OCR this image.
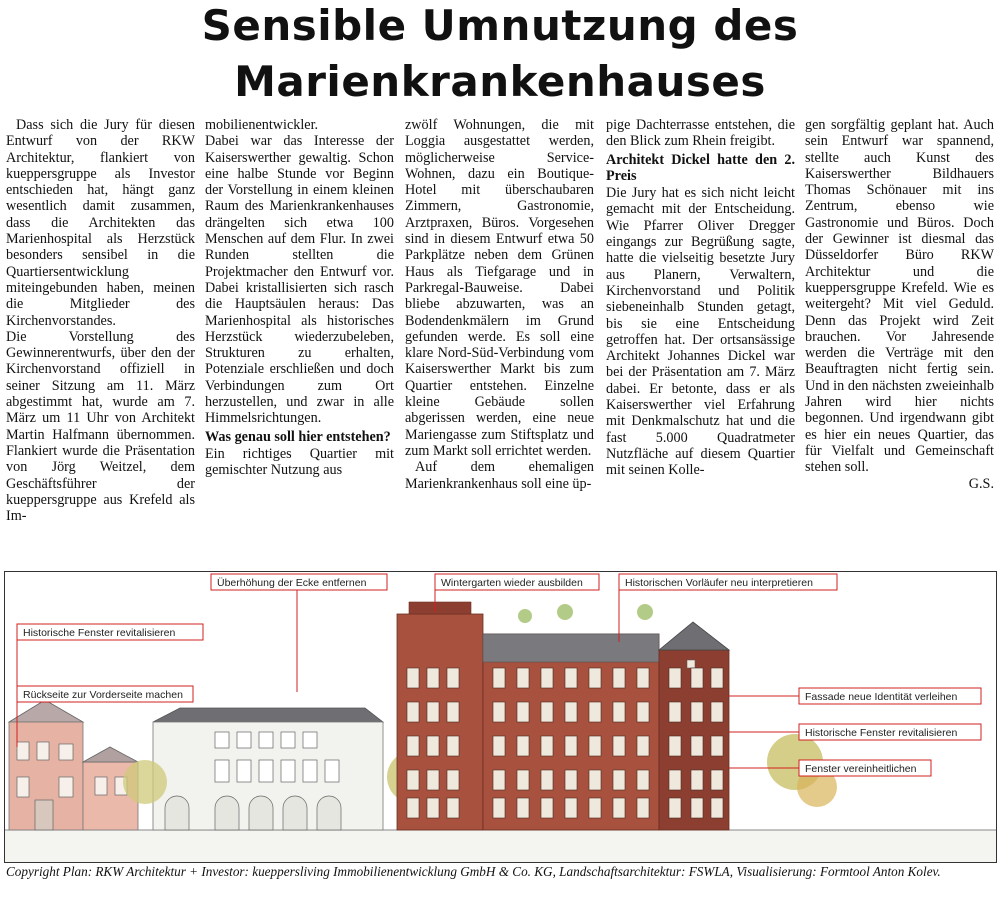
Sensible Umnutzung des
Marienkrankenhauses

Dass sich die Jury für diesen Entwurf von der RKW Architektur, flankiert von kueppersgruppe als Investor entschieden hat, hängt ganz wesentlich damit zusammen, dass die Architekten das Marienhospital als Herzstück besonders sensibel in die Quartiersentwicklung miteingebunden haben, meinen die Mitglieder des Kirchenvorstandes.

Die Vorstellung des Gewinnerentwurfs, über den der Kirchenvorstand offiziell in seiner Sitzung am 11. März abgestimmt hat, wurde am 7. März um 11 Uhr von Architekt Martin Halfmann übernommen. Flankiert wurde die Präsentation von Jörg Weitzel, dem Geschäftsführer der kueppersgruppe aus Krefeld als Im-

mobilienentwickler.

Dabei war das Interesse der Kaiserswerther gewaltig. Schon eine halbe Stunde vor Beginn der Vorstellung in einem kleinen Raum des Marienkrankenhauses drängelten sich etwa 100 Menschen auf dem Flur. In zwei Runden stellten die Projektmacher den Entwurf vor. Dabei kristallisierten sich rasch die Hauptsäulen heraus: Das Marienhospital als historisches Herzstück wiederzubeleben, Strukturen zu erhalten, Potenziale erschließen und doch Verbindungen zum Ort herzustellen, und zwar in alle Himmelsrichtungen.

Was genau soll hier entstehen?

Ein richtiges Quartier mit gemischter Nutzung aus

zwölf Wohnungen, die mit Loggia ausgestattet werden, möglicherweise Service-Wohnen, dazu ein Boutique-Hotel mit überschaubaren Zimmern, Gastronomie, Arztpraxen, Büros. Vorgesehen sind in diesem Entwurf etwa 50 Parkplätze neben dem Grünen Haus als Tiefgarage und in Parkregal-Bauweise. Dabei bliebe abzuwarten, was an Bodendenkmälern im Grund gefunden werde. Es soll eine klare Nord-Süd-Verbindung vom Kaiserswerther Markt bis zum Quartier entstehen. Einzelne kleine Gebäude sollen abgerissen werden, eine neue Mariengasse zum Stiftsplatz und zum Markt soll errichtet werden.

Auf dem ehemaligen Marienkrankenhaus soll eine üp-

pige Dachterrasse entstehen, die den Blick zum Rhein freigibt.

Architekt Dickel hatte den 2. Preis

Die Jury hat es sich nicht leicht gemacht mit der Entscheidung. Wie Pfarrer Oliver Dregger eingangs zur Begrüßung sagte, hatte die vielseitig besetzte Jury aus Planern, Verwaltern, Kirchenvorstand und Politik siebeneinhalb Stunden getagt, bis sie eine Entscheidung getroffen hat. Der ortsansässige Architekt Johannes Dickel war bei der Präsentation am 7. März dabei. Er betonte, dass er als Kaiserswerther viel Erfahrung mit Denkmalschutz hat und die fast 5.000 Quadratmeter Nutzfläche auf diesem Quartier mit seinen Kolle-

gen sorgfältig geplant hat. Auch sein Entwurf war spannend, stellte auch Kunst des Kaiserswerther Bildhauers Thomas Schönauer mit ins Zentrum, ebenso wie Gastronomie und Büros. Doch der Gewinner ist diesmal das Düsseldorfer Büro RKW Architektur und die kueppersgruppe Krefeld. Wie es weitergeht? Mit viel Geduld. Denn das Projekt wird Zeit brauchen. Vor Jahresende werden die Verträge mit den Beauftragten nicht fertig sein. Und in den nächsten zweieinhalb Jahren wird hier nichts begonnen. Und irgendwann gibt es hier ein neues Quartier, das für Vielfalt und Gemeinschaft stehen soll.

G.S.
Überhöhung der Ecke entfernen	Wintergarten wieder ausbilden	Historischen Vorläufer neu interpretieren
Historische Fenster revitalisieren
Rückseite zur Vorderseite machen	Fassade neue Identität verleihen
Historische Fenster revitalisieren
Fenster vereinheitlichen
Copyright Plan: RKW Architektur + Investor: kueppersliving Immobilienentwicklung GmbH & Co. KG, Landschaftsarchitektur: FSWLA, Visualisierung: Formtool Anton Kolev.
